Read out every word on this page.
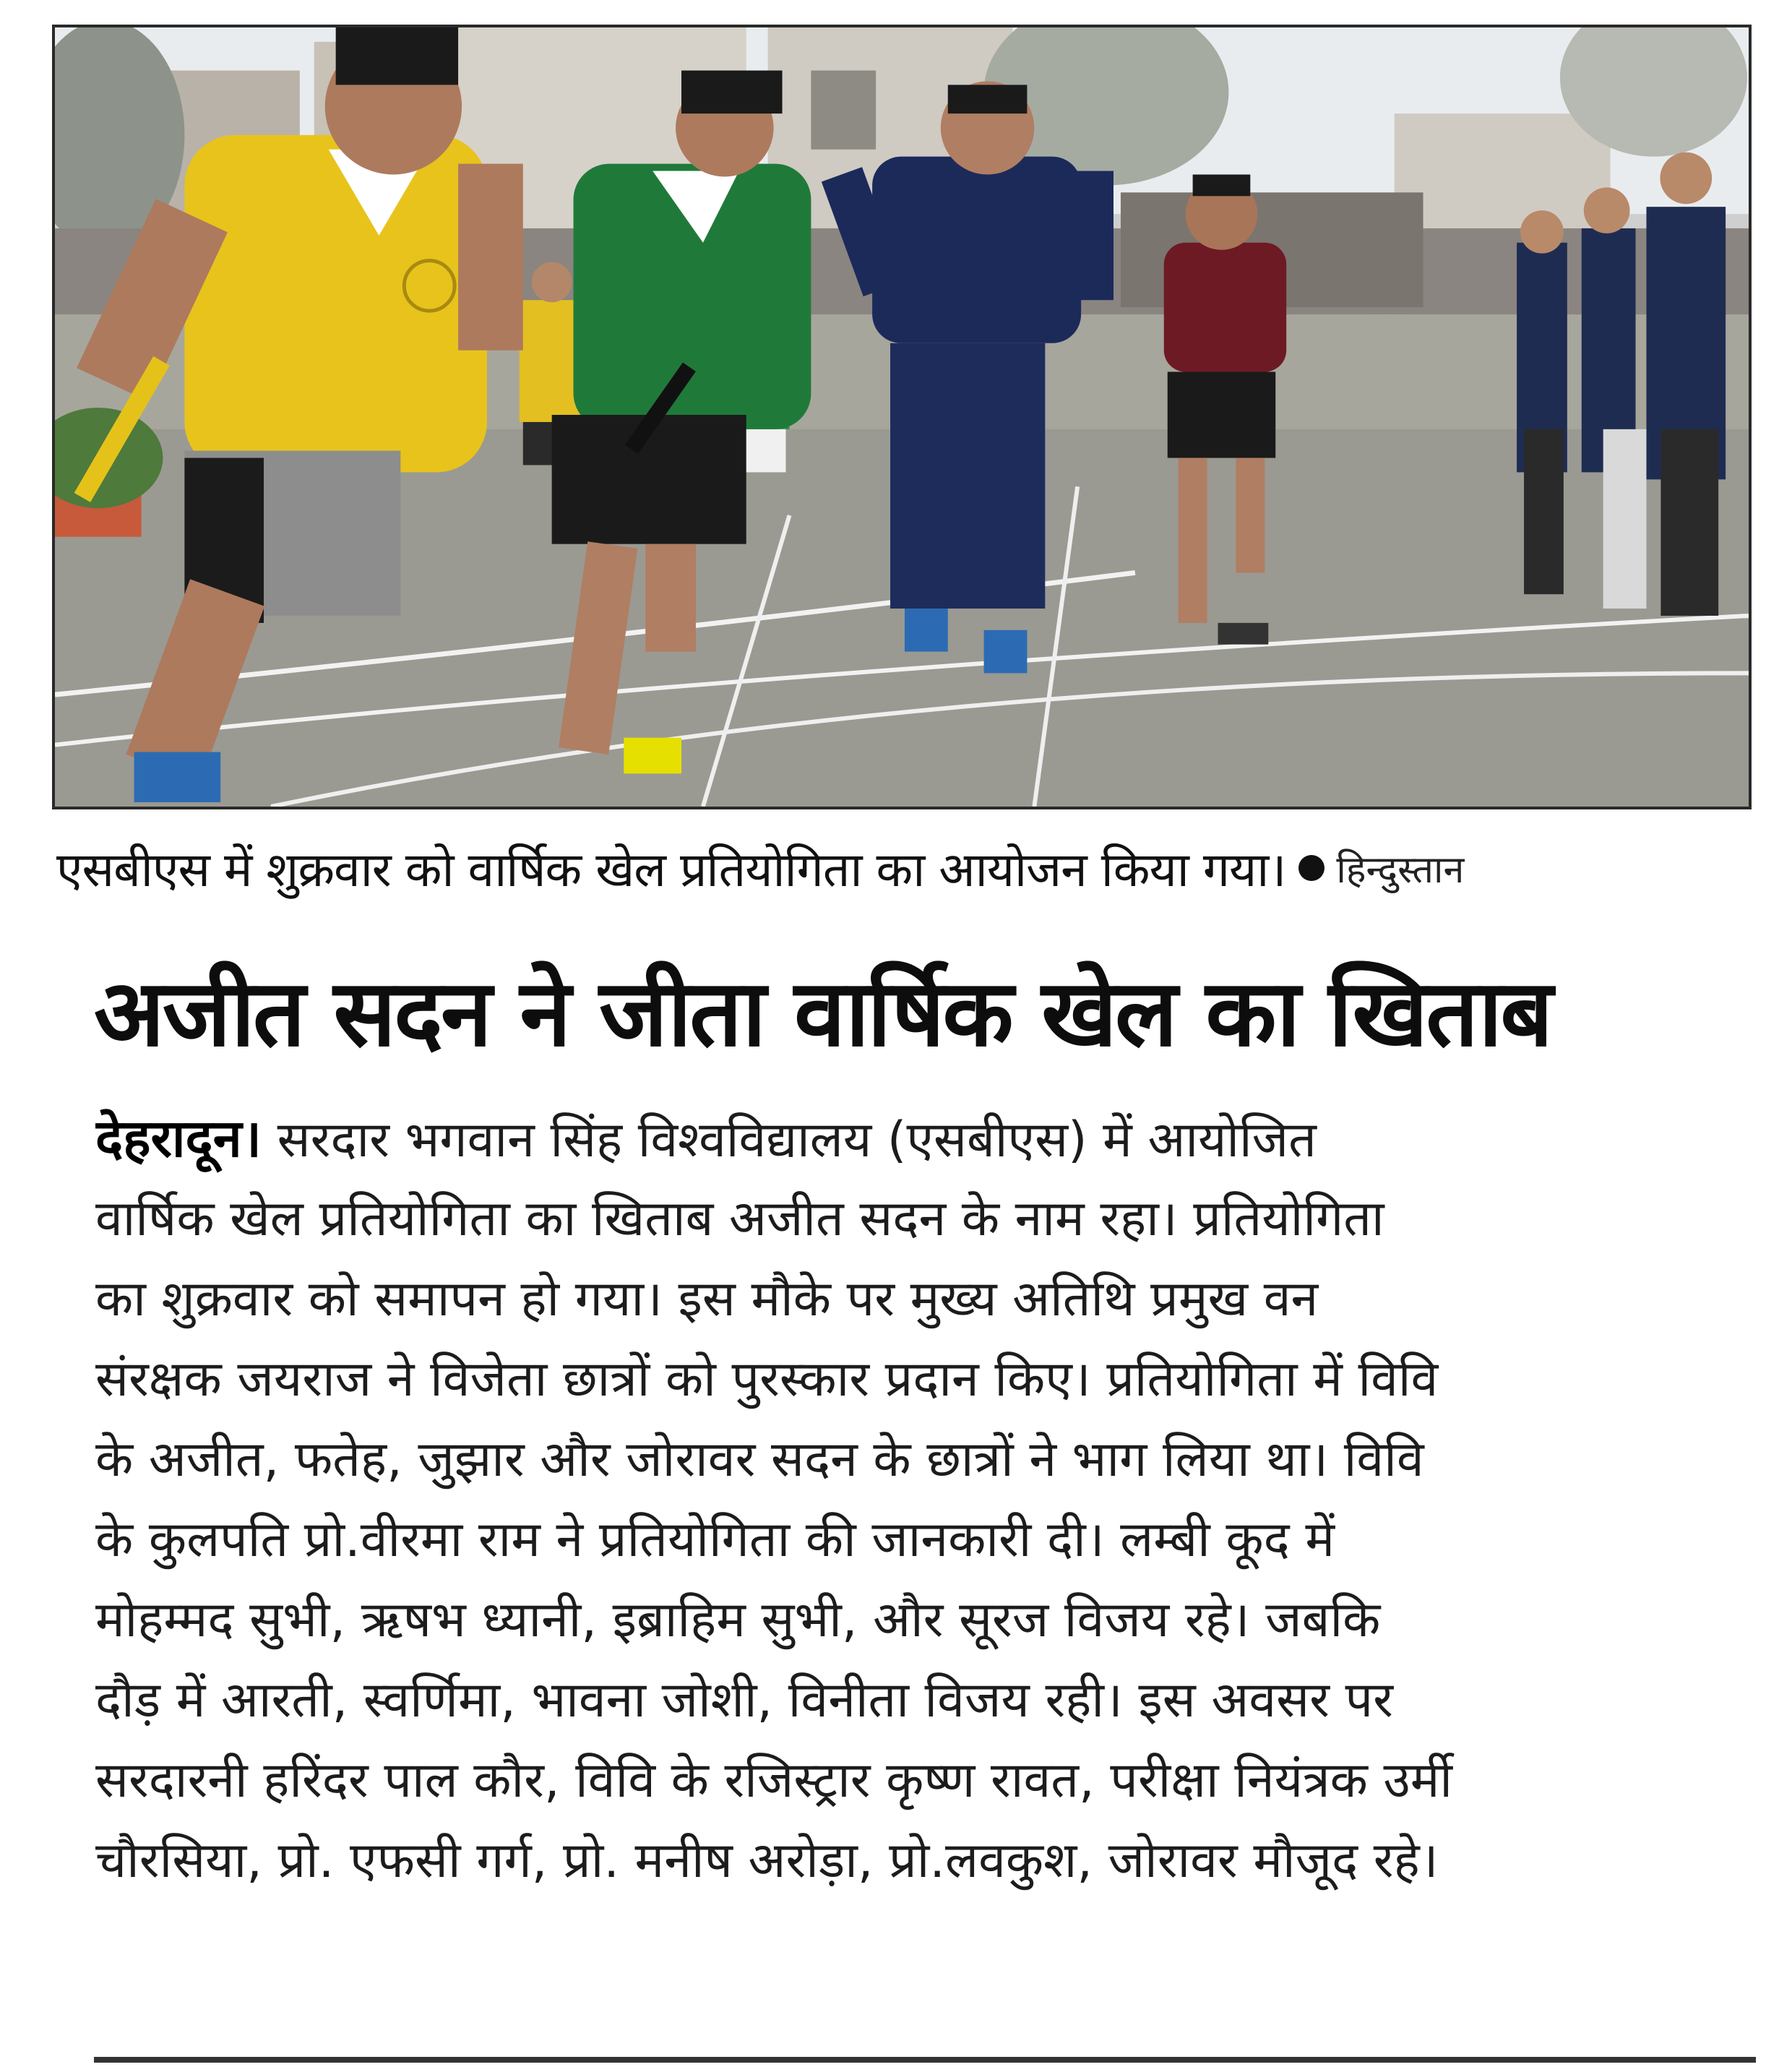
एसबीएस में शुक्रवार को वार्षिक खेल प्रतियोगिता का आयोजन किया गया। हिन्दुस्तान
अजीत सदन ने जीता वार्षिक खेल का खिताब
देहरादून। सरदार भगवान सिंह विश्वविद्यालय (एसबीएस) में आयोजित
वार्षिक खेल प्रतियोगिता का खिताब अजीत सदन के नाम रहा। प्रतियोगिता
का शुक्रवार को समापन हो गया। इस मौके पर मुख्य अतिथि प्रमुख वन
संरक्षक जयराज ने विजेता छात्रों को पुरस्कार प्रदान किए। प्रतियोगिता में विवि
के अजीत, फतेह, जुझार और जोरावर सदन के छात्रों ने भाग लिया था। विवि
के कुलपति प्रो.वीरमा राम ने प्रतियोगिता की जानकारी दी। लम्बी कूद में
मोहम्मद सुभी, ऋषभ ध्यानी, इब्राहिम सुभी, और सूरज विजय रहे। जबकि
दौड़ में आरती, स्वर्णिमा, भावना जोशी, विनीता विजय रही। इस अवसर पर
सरदारनी हरिंदर पाल कौर, विवि के रजिस्ट्रार कृष्ण रावत, परीक्षा नियंत्रक उर्मी
चौरसिया, प्रो. एफसी गर्ग, प्रो. मनीष अरोड़ा, प्रो.लवकुश, जोरावर मौजूद रहे।
